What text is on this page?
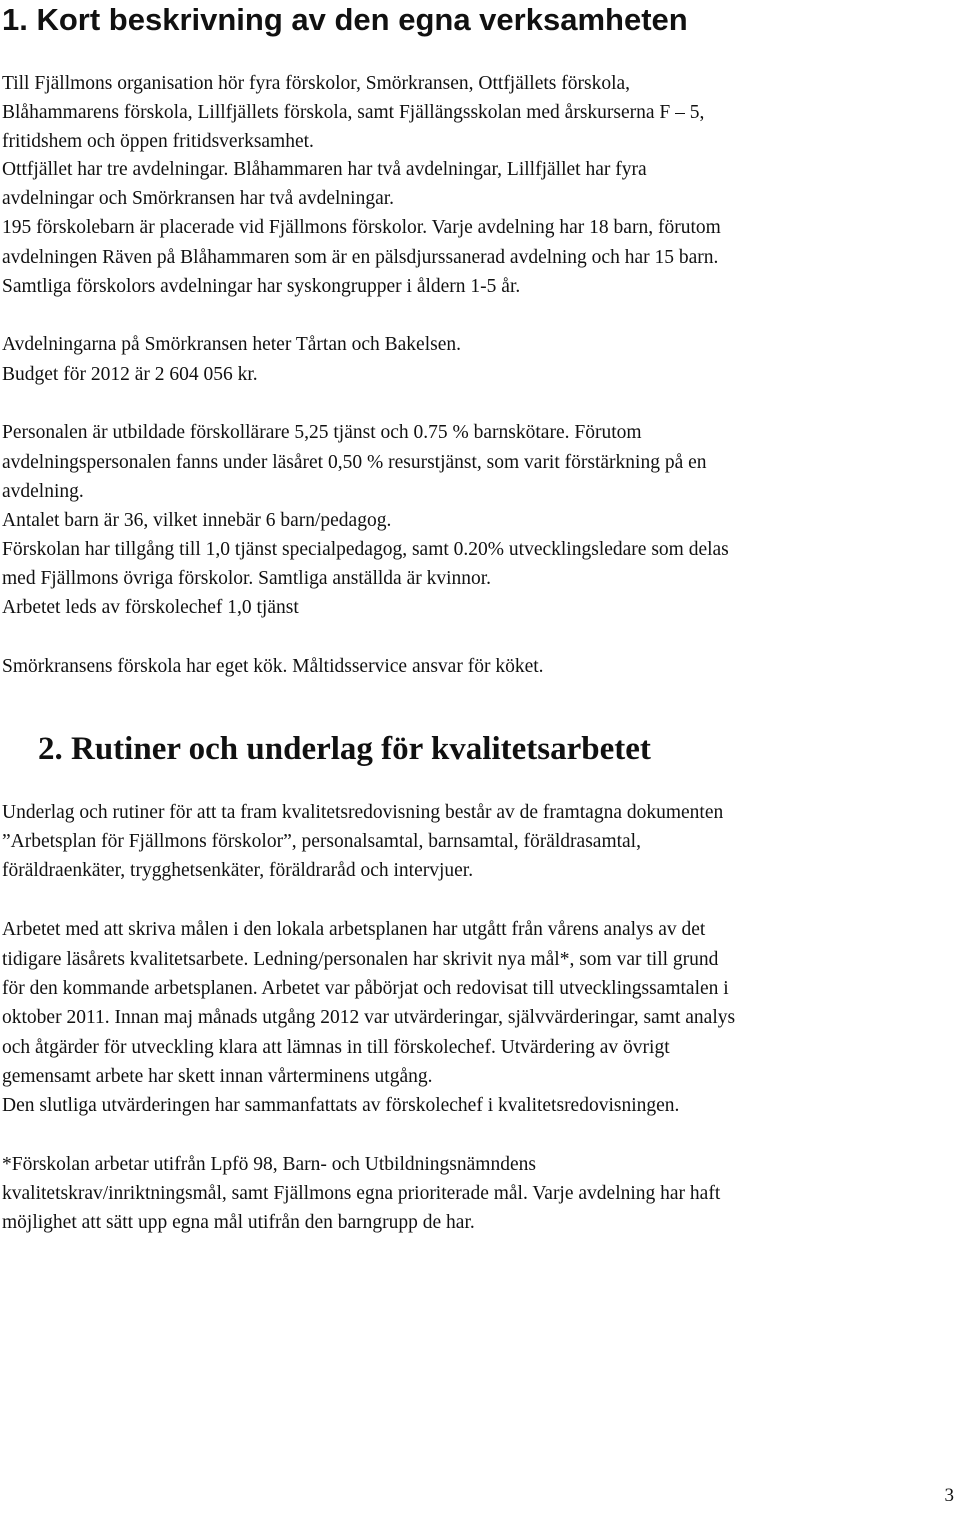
1. Kort beskrivning av den egna verksamheten

Till Fjällmons organisation hör fyra förskolor, Smörkransen, Ottfjällets förskola,

Blåhammarens förskola, Lillfjällets förskola, samt Fjällängsskolan med årskurserna F – 5,

fritidshem och öppen fritidsverksamhet.

Ottfjället har tre avdelningar. Blåhammaren har två avdelningar, Lillfjället har fyra

avdelningar och Smörkransen har två avdelningar.

195 förskolebarn är placerade vid Fjällmons förskolor. Varje avdelning har 18 barn, förutom

avdelningen Räven på Blåhammaren som är en pälsdjurssanerad avdelning och har 15 barn.

Samtliga förskolors avdelningar har syskongrupper i åldern 1-5 år.

Avdelningarna på Smörkransen heter Tårtan och Bakelsen.

Budget för 2012 är 2 604 056 kr.

Personalen är utbildade förskollärare 5,25 tjänst och 0.75 % barnskötare. Förutom

avdelningspersonalen fanns under läsåret 0,50 % resurstjänst, som varit förstärkning på en

avdelning.

Antalet barn är 36, vilket innebär 6 barn/pedagog.

Förskolan har tillgång till 1,0 tjänst specialpedagog, samt 0.20% utvecklingsledare som delas

med Fjällmons övriga förskolor. Samtliga anställda är kvinnor.

Arbetet leds av förskolechef 1,0 tjänst

Smörkransens förskola har eget kök. Måltidsservice ansvar för köket.

2. Rutiner och underlag för kvalitetsarbetet

Underlag och rutiner för att ta fram kvalitetsredovisning består av de framtagna dokumenten

”Arbetsplan för Fjällmons förskolor”, personalsamtal, barnsamtal, föräldrasamtal,

föräldraenkäter, trygghetsenkäter, föräldraråd och intervjuer.

Arbetet med att skriva målen i den lokala arbetsplanen har utgått från vårens analys av det

tidigare läsårets kvalitetsarbete. Ledning/personalen har skrivit nya mål*, som var till grund

för den kommande arbetsplanen. Arbetet var påbörjat och redovisat till utvecklingssamtalen i

oktober 2011. Innan maj månads utgång 2012 var utvärderingar, självvärderingar, samt analys

och åtgärder för utveckling klara att lämnas in till förskolechef. Utvärdering av övrigt

gemensamt arbete har skett innan vårterminens utgång.

Den slutliga utvärderingen har sammanfattats av förskolechef i kvalitetsredovisningen.

*Förskolan arbetar utifrån Lpfö 98, Barn- och Utbildningsnämndens

kvalitetskrav/inriktningsmål, samt Fjällmons egna prioriterade mål. Varje avdelning har haft

möjlighet att sätt upp egna mål utifrån den barngrupp de har.

3
